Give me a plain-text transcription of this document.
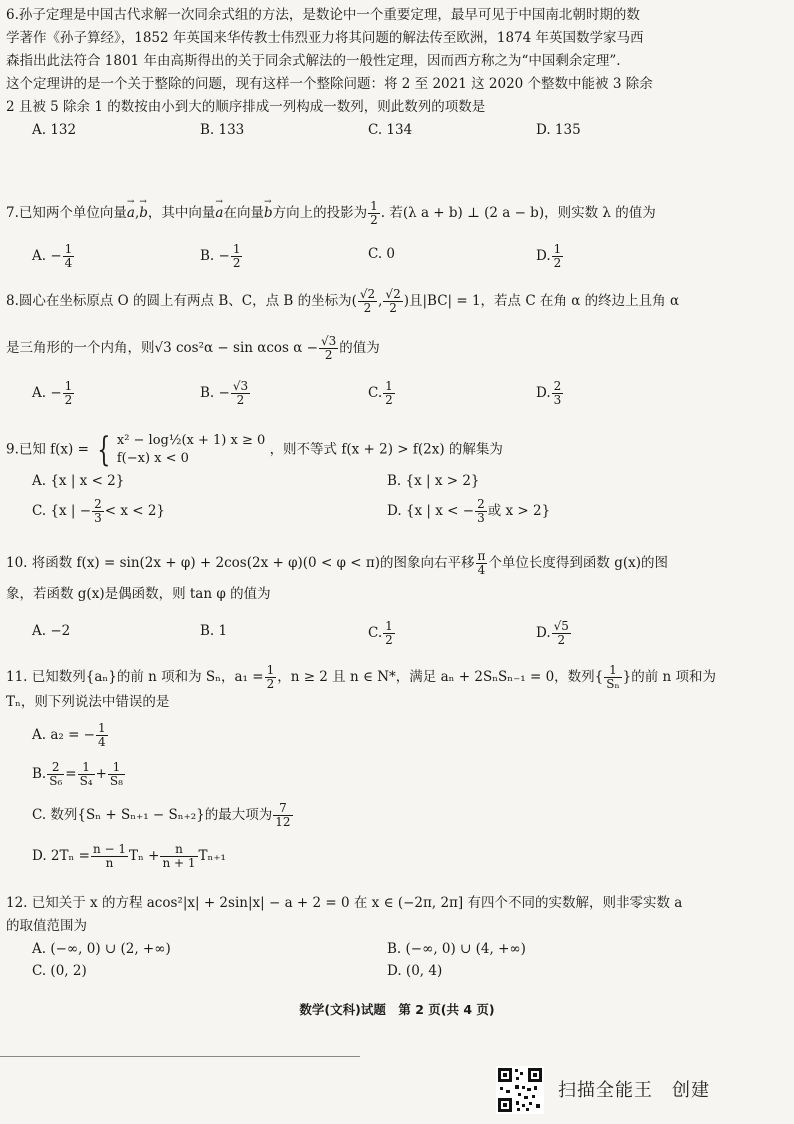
6.孙子定理是中国古代求解一次同余式组的方法，是数论中一个重要定理，最早可见于中国南北朝时期的数

学著作《孙子算经》，1852 年英国来华传教士伟烈亚力将其问题的解法传至欧洲，1874 年英国数学家马西

森指出此法符合 1801 年由高斯得出的关于同余式解法的一般性定理，因而西方称之为“中国剩余定理”.

这个定理讲的是一个关于整除的问题，现有这样一个整除问题：将 2 至 2021 这 2020 个整数中能被 3 除余

2 且被 5 除余 1 的数按由小到大的顺序排成一列构成一数列，则此数列的项数是

A. 132	B. 133	C. 134	D. 135

7.已知两个单位向量→ a,→ b，其中向量→ a在向量→ b方向上的投影为 $\frac{1}{2}$ . 若(λ a + b) ⊥ (2 a − b)，则实数 λ 的值为

A. − $\frac{1}{4}$	B. − $\frac{1}{2}$	C. 0	D. $\frac{1}{2}$

8.圆心在坐标原点 O 的圆上有两点 B、C，点 B 的坐标为( $\frac{√2}{2}$ , $\frac{√2}{2}$ )且|BC| = 1，若点 C 在角 α 的终边上且角 α

是三角形的一个内角，则√3 cos²α − sin αcos $\alpha - \frac{√3}{2}$ 的值为

A. − $\frac{1}{2}$	B. − $\frac{√3}{2}$	C. $\frac{1}{2}$	D. $\frac{2}{3}$

9.已知 f(x) = { x² − log½(x + 1) x ≥ 0
f(−x) x < 0
，则不等式 f(x + 2) > f(2x) 的解集为

A. {x | x < 2}	B. {x | x > 2}
C. {x | − $\frac{2}{3} < x < 2$}	D. {x | x < − $\frac{2}{3}$ 或 x > 2}

10. 将函数 f(x) = sin(2x + φ) + 2cos(2x + φ)(0 < φ < π)的图象向右平移 $\frac{\pi}{4}$ 个单位长度得到函数 g(x)的图

象，若函数 g(x)是偶函数，则 tan φ 的值为

A. −2	B. 1	C. $\frac{1}{2}$	D. $\frac{√5}{2}$

11. 已知数列{aₙ}的前 n 项和为 Sₙ，$a_1 = \frac{1}{2}$ ，n ≥ 2 且 n ∈ N*，满足 aₙ + 2SₙSₙ₋₁ = 0，数列{ $\frac{1}{\text{Sₙ}}$ }的前 n 项和为

Tₙ，则下列说法中错误的是

A. a₂ = − $\frac{1}{4}$

B. $\frac{2}{\text{S₆}} = \frac{1}{\text{S₄}} + \frac{1}{\text{S₈}}$

C. 数列{Sₙ + Sₙ₊₁ − Sₙ₊₂}的最大项为 $\frac{7}{12}$

D. $2T_n = \frac{n - 1}{n}$ $T_n + \frac{n}{n + 1} T_{n+1}$

12. 已知关于 x 的方程 acos²|x| + 2sin|x| − a + 2 = 0 在 x ∈ (−2π, 2π] 有四个不同的实数解，则非零实数 a

的取值范围为

A. (−∞, 0) ∪ (2, +∞)	B. (−∞, 0) ∪ (4, +∞)
C. (0, 2)	D. (0, 4)
数学(文科)试题　第 2 页(共 4 页)
扫描全能王　创建
